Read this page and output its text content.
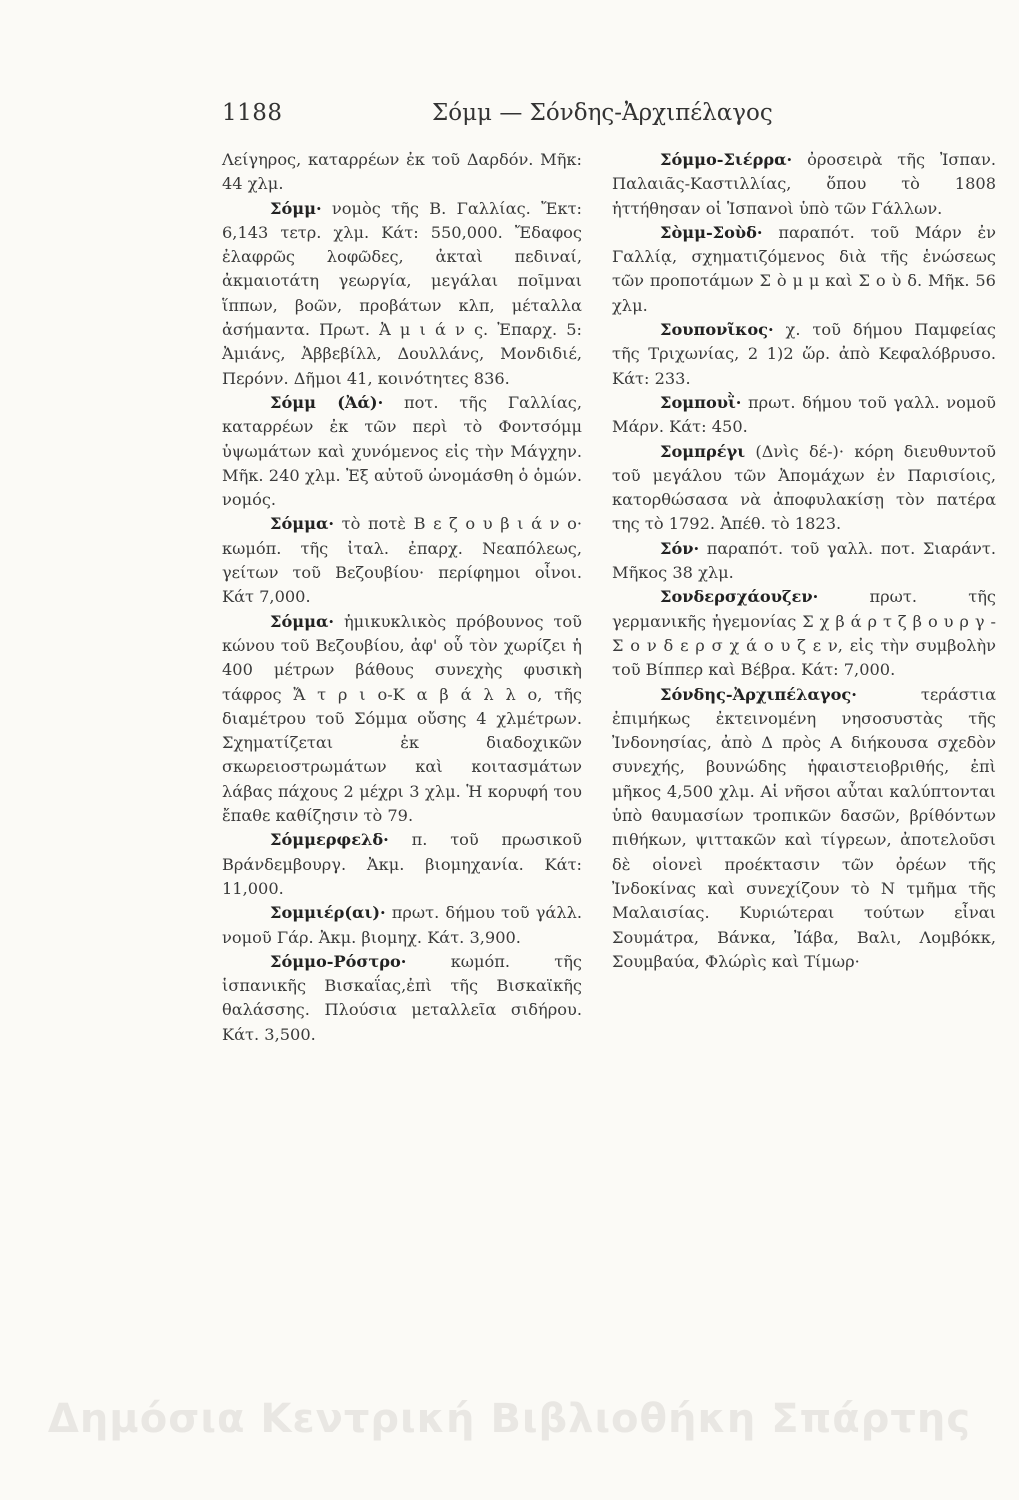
1188	Σόμμ — Σόνδης-Ἀρχιπέλαγος

Λείγηρος, καταρρέων ἐκ τοῦ Δαρδόν. Μῆκ: 44 χλμ.

Σόμμ· νομὸς τῆς Β. Γαλλίας. Ἔκτ: 6,143 τετρ. χλμ. Κάτ: 550,000. Ἔδαφος ἐλαφρῶς λοφῶδες, ἀκταὶ πεδιναί, ἀκμαιοτάτη γεωργία, μεγάλαι ποῖμναι ἵππων, βοῶν, προβάτων κλπ, μέταλλα ἀσήμαντα. Πρωτ. Ἀ μ ι ά ν ς. Ἐπαρχ. 5: Ἀμιάνς, Ἀββεβίλλ, Δουλλάνς, Μονδιδιέ, Περόνν. Δῆμοι 41, κοινότητες 836.

Σόμμ (Ἀά)· ποτ. τῆς Γαλλίας, καταρρέων ἐκ τῶν περὶ τὸ Φοντσόμμ ὑψωμάτων καὶ χυνόμενος εἰς τὴν Μάγχην. Μῆκ. 240 χλμ. Ἐξ αὐτοῦ ὠνομάσθη ὁ ὁμών. νομός.

Σόμμα· τὸ ποτὲ Β ε ζ ο υ β ι ά ν ο· κωμόπ. τῆς ἰταλ. ἐπαρχ. Νεαπόλεως, γείτων τοῦ Βεζουβίου· περίφημοι οἶνοι. Κάτ 7,000.

Σόμμα· ἡμικυκλικὸς πρόβουνος τοῦ κώνου τοῦ Βεζουβίου, ἀφ' οὗ τὸν χωρίζει ἡ 400 μέτρων βάθους συνεχὴς φυσικὴ τάφρος Ἄ τ ρ ι ο-Κ α β ά λ λ ο, τῆς διαμέτρου τοῦ Σόμμα οὔσης 4 χλμέτρων. Σχηματίζεται ἐκ διαδοχικῶν σκωρειοστρωμάτων καὶ κοιτασμάτων λάβας πάχους 2 μέχρι 3 χλμ. Ἡ κορυφή του ἔπαθε καθίζησιν τὸ 79.

Σόμμερφελδ· π. τοῦ πρωσικοῦ Βράνδεμβουργ. Ἀκμ. βιομηχανία. Κάτ: 11,000.

Σομμιέρ(αι)· πρωτ. δήμου τοῦ γάλλ. νομοῦ Γάρ. Ἀκμ. βιομηχ. Κάτ. 3,900.

Σόμμο-Ρόστρο·	κωμόπ. τῆς ἱσπανικῆς Βισκαΐας,ἐπὶ τῆς Βισκαϊκῆς θαλάσσης. Πλούσια μεταλλεῖα σιδήρου. Κάτ. 3,500.

Σόμμο-Σιέρρα· ὀροσειρὰ τῆς Ἰσπαν. Παλαιᾶς-Καστιλλίας, ὅπου τὸ 1808 ἡττήθησαν οἱ Ἱσπανοὶ ὑπὸ τῶν Γάλλων.

Σὸμμ-Σοὺδ· παραπότ. τοῦ Μάρν ἐν Γαλλίᾳ, σχηματιζόμενος διὰ τῆς ἑνώσεως τῶν προποτάμων Σ ὸ μ μ καὶ Σ ο ὺ δ. Μῆκ. 56 χλμ.

Σουπονῖκος· χ. τοῦ δήμου Παμφείας τῆς Τριχωνίας, 2 1)2 ὥρ. ἀπὸ Κεφαλόβρυσο. Κάτ: 233.

Σομπουῒ· πρωτ. δήμου τοῦ γαλλ. νομοῦ Μάρν. Κάτ: 450.

Σομπρέγι (Δνὶς δέ-)· κόρη διευθυντοῦ τοῦ μεγάλου τῶν Ἀπομάχων ἐν Παρισίοις, κατορθώσασα νὰ ἀποφυλακίσῃ τὸν πατέρα της τὸ 1792. Ἀπέθ. τὸ 1823.

Σόν· παραπότ. τοῦ γαλλ. ποτ. Σιαράντ. Μῆκος 38 χλμ.

Σονδερσχάουζεν·	πρωτ. τῆς γερμανικῆς ἡγεμονίας Σ χ β ά ρ τ ζ β ο υ ρ γ - Σ ο ν δ ε ρ σ χ ά ο υ ζ ε ν, εἰς τὴν συμβολὴν τοῦ Βίππερ καὶ Βέβρα. Κάτ: 7,000.

Σόνδης-Ἀρχιπέλαγος·	τεράστια ἐπιμήκως ἐκτεινομένη νησοσυστὰς τῆς Ἰνδονησίας, ἀπὸ Δ πρὸς Α διήκουσα σχεδὸν συνεχής, βουνώδης ἡφαιστειοβριθής, ἐπὶ μῆκος 4,500 χλμ. Αἱ νῆσοι αὗται καλύπτονται ὑπὸ θαυμασίων τροπικῶν δασῶν, βρίθόντων πιθήκων, ψιττακῶν καὶ τίγρεων, ἀποτελοῦσι δὲ οἱονεὶ προέκτασιν τῶν ὀρέων τῆς Ἰνδοκίνας καὶ συνεχίζουν τὸ Ν τμῆμα τῆς Μαλαισίας. Κυριώτεραι τούτων εἶναι Σουμάτρα, Βάνκα, Ἰάβα, Βαλι, Λομβόκκ, Σουμβαύα, Φλώρὶς καὶ Τίμωρ·

Δημόσια Κεντρική Βιβλιοθήκη Σπάρτης
